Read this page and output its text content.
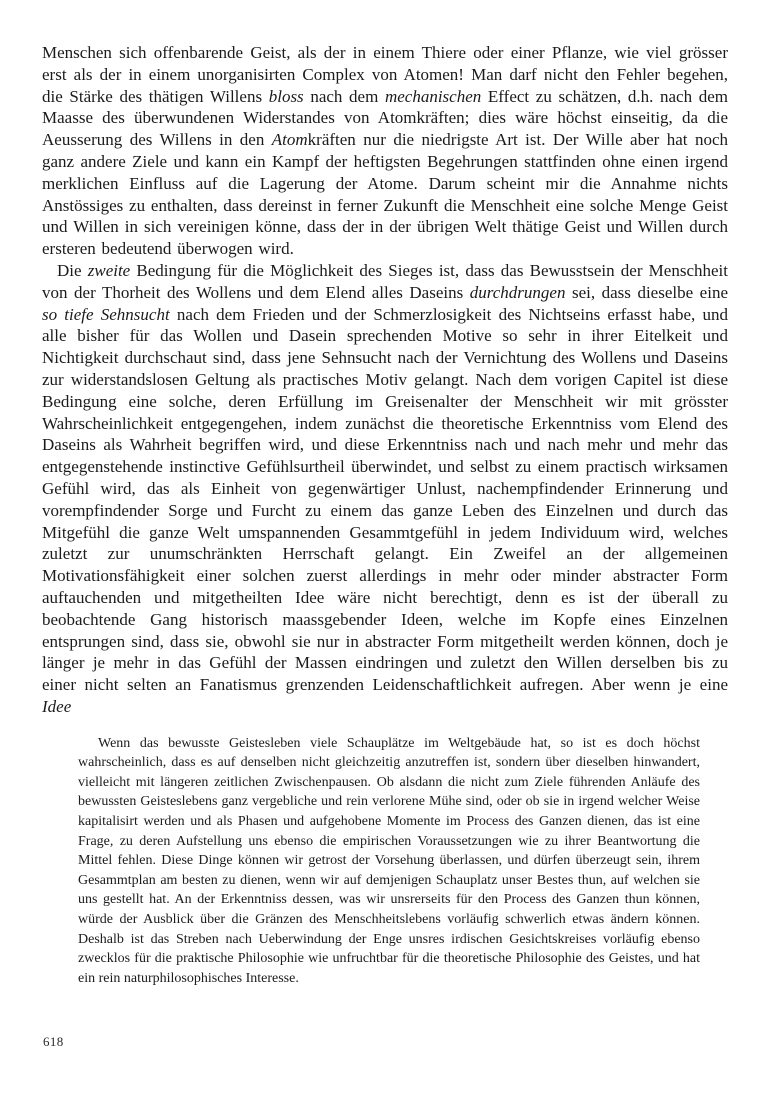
Menschen sich offenbarende Geist, als der in einem Thiere oder einer Pflanze, wie viel grösser erst als der in einem unorganisirten Complex von Atomen! Man darf nicht den Fehler begehen, die Stärke des thätigen Willens bloss nach dem mechanischen Effect zu schätzen, d.h. nach dem Maasse des überwundenen Widerstandes von Atomkräften; dies wäre höchst einseitig, da die Aeusserung des Willens in den Atomkräften nur die niedrigste Art ist. Der Wille aber hat noch ganz andere Ziele und kann ein Kampf der heftigsten Begehrungen stattfinden ohne einen irgend merklichen Einfluss auf die Lagerung der Atome. Darum scheint mir die Annahme nichts Anstössiges zu enthalten, dass dereinst in ferner Zukunft die Menschheit eine solche Menge Geist und Willen in sich vereinigen könne, dass der in der übrigen Welt thätige Geist und Willen durch ersteren bedeutend überwogen wird.

Die zweite Bedingung für die Möglichkeit des Sieges ist, dass das Bewusstsein der Menschheit von der Thorheit des Wollens und dem Elend alles Daseins durchdrungen sei, dass dieselbe eine so tiefe Sehnsucht nach dem Frieden und der Schmerzlosigkeit des Nichtseins erfasst habe, und alle bisher für das Wollen und Dasein sprechenden Motive so sehr in ihrer Eitelkeit und Nichtigkeit durchschaut sind, dass jene Sehnsucht nach der Vernichtung des Wollens und Daseins zur widerstandslosen Geltung als practisches Motiv gelangt. Nach dem vorigen Capitel ist diese Bedingung eine solche, deren Erfüllung im Greisenalter der Menschheit wir mit grösster Wahrscheinlichkeit entgegengehen, indem zunächst die theoretische Erkenntniss vom Elend des Daseins als Wahrheit begriffen wird, und diese Erkenntniss nach und nach mehr und mehr das entgegenstehende instinctive Gefühlsurtheil überwindet, und selbst zu einem practisch wirksamen Gefühl wird, das als Einheit von gegenwärtiger Unlust, nachempfindender Erinnerung und vorempfindender Sorge und Furcht zu einem das ganze Leben des Einzelnen und durch das Mitgefühl die ganze Welt umspannenden Gesammtgefühl in jedem Individuum wird, welches zuletzt zur unumschränkten Herrschaft gelangt. Ein Zweifel an der allgemeinen Motivationsfähigkeit einer solchen zuerst allerdings in mehr oder minder abstracter Form auftauchenden und mitgetheilten Idee wäre nicht berechtigt, denn es ist der überall zu beobachtende Gang historisch maassgebender Ideen, welche im Kopfe eines Einzelnen entsprungen sind, dass sie, obwohl sie nur in abstracter Form mitgetheilt werden können, doch je länger je mehr in das Gefühl der Massen eindringen und zuletzt den Willen derselben bis zu einer nicht selten an Fanatismus grenzenden Leidenschaftlichkeit aufregen. Aber wenn je eine Idee

Wenn das bewusste Geistesleben viele Schauplätze im Weltgebäude hat, so ist es doch höchst wahrscheinlich, dass es auf denselben nicht gleichzeitig anzutreffen ist, sondern über dieselben hinwandert, vielleicht mit längeren zeitlichen Zwischenpausen. Ob alsdann die nicht zum Ziele führenden Anläufe des bewussten Geisteslebens ganz vergebliche und rein verlorene Mühe sind, oder ob sie in irgend welcher Weise kapitalisirt werden und als Phasen und aufgehobene Momente im Process des Ganzen dienen, das ist eine Frage, zu deren Aufstellung uns ebenso die empirischen Voraussetzungen wie zu ihrer Beantwortung die Mittel fehlen. Diese Dinge können wir getrost der Vorsehung überlassen, und dürfen überzeugt sein, ihrem Gesammtplan am besten zu dienen, wenn wir auf demjenigen Schauplatz unser Bestes thun, auf welchen sie uns gestellt hat. An der Erkenntniss dessen, was wir unsrerseits für den Process des Ganzen thun können, würde der Ausblick über die Gränzen des Menschheitslebens vorläufig schwerlich etwas ändern können. Deshalb ist das Streben nach Ueberwindung der Enge unsres irdischen Gesichtskreises vorläufig ebenso zwecklos für die praktische Philosophie wie unfruchtbar für die theoretische Philosophie des Geistes, und hat ein rein naturphilosophisches Interesse.

618
